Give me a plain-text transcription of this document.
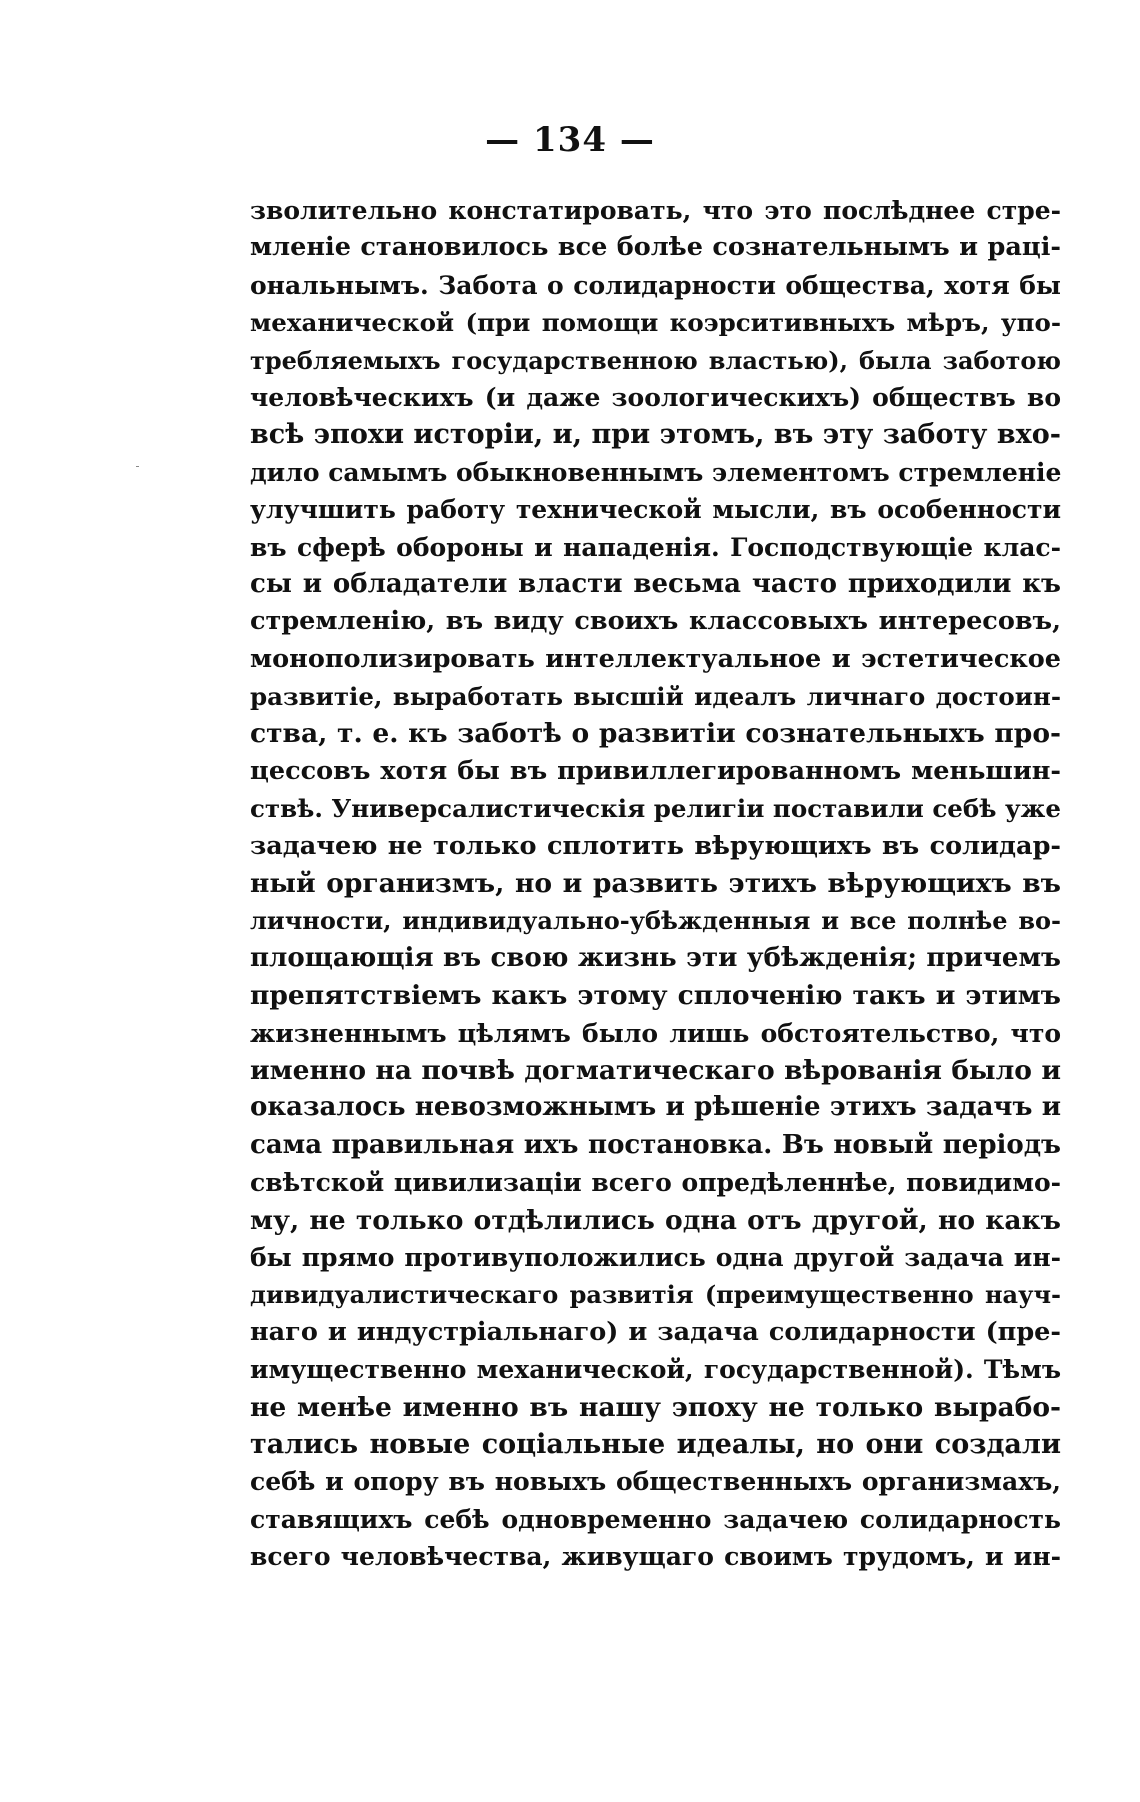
— 134 —
зволительно констатировать, что это послѣднее стре-
мленіе становилось все болѣе сознательнымъ и раці-
ональнымъ. Забота о солидарности общества, хотя бы
механической (при помощи коэрситивныхъ мѣръ, упо-
требляемыхъ государственною властью), была заботою
человѣческихъ (и даже зоологическихъ) обществъ во
всѣ эпохи исторіи, и, при этомъ, въ эту заботу вхо-
дило самымъ обыкновеннымъ элементомъ стремленіе
улучшить работу технической мысли, въ особенности
въ сферѣ обороны и нападенія. Господствующіе клас-
сы и обладатели власти весьма часто приходили къ
стремленію, въ виду своихъ классовыхъ интересовъ,
монополизировать интеллектуальное и эстетическое
развитіе, выработать высшій идеалъ личнаго достоин-
ства, т. е. къ заботѣ о развитіи сознательныхъ про-
цессовъ хотя бы въ привиллегированномъ меньшин-
ствѣ. Универсалистическія религіи поставили себѣ уже
задачею не только сплотить вѣрующихъ въ солидар-
ный организмъ, но и развить этихъ вѣрующихъ въ
личности, индивидуально-убѣжденныя и все полнѣе во-
площающія въ свою жизнь эти убѣжденія; причемъ
препятствіемъ какъ этому сплоченію такъ и этимъ
жизненнымъ цѣлямъ было лишь обстоятельство, что
именно на почвѣ догматическаго вѣрованія было и
оказалось невозможнымъ и рѣшеніе этихъ задачъ и
сама правильная ихъ постановка. Въ новый періодъ
свѣтской цивилизаціи всего опредѣленнѣе, повидимо-
му, не только отдѣлились одна отъ другой, но какъ
бы прямо противуположились одна другой задача ин-
дивидуалистическаго развитія (преимущественно науч-
наго и индустріальнаго) и задача солидарности (пре-
имущественно механической, государственной). Тѣмъ
не менѣе именно въ нашу эпоху не только вырабо-
тались новые соціальные идеалы, но они создали
себѣ и опору въ новыхъ общественныхъ организмахъ,
ставящихъ себѣ одновременно задачею солидарность
всего человѣчества, живущаго своимъ трудомъ, и ин-
